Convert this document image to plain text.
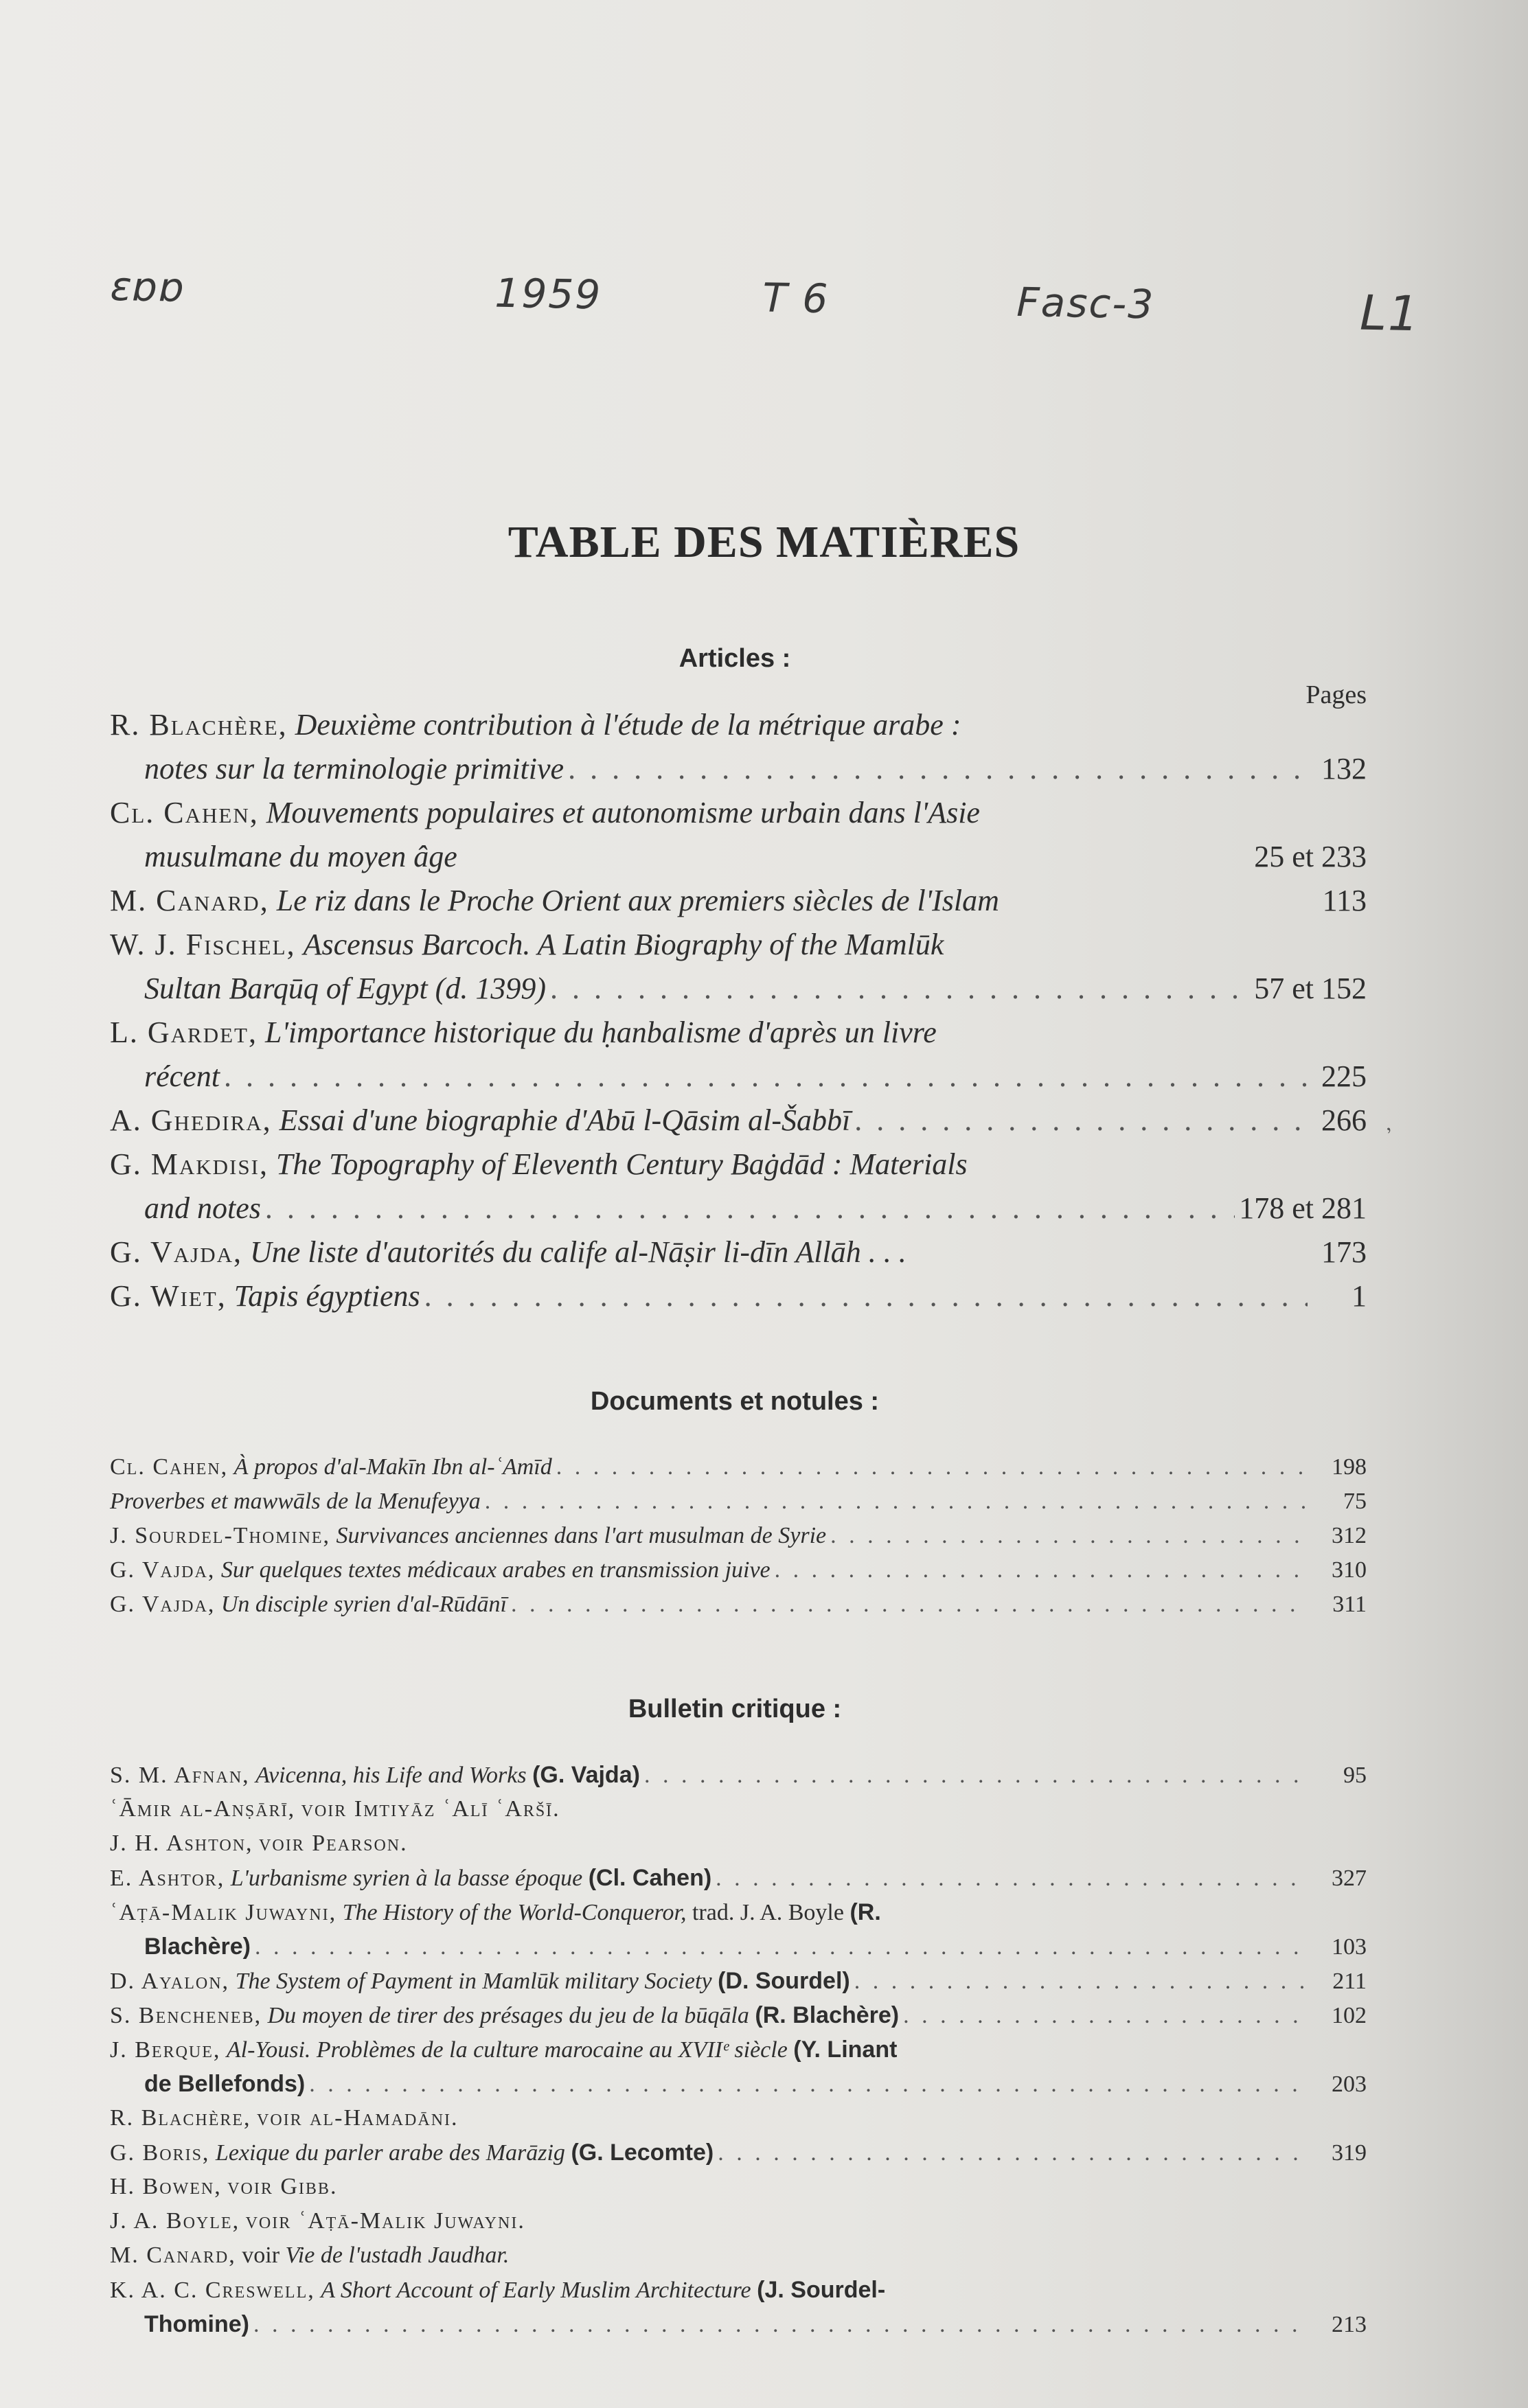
ɛɒɒ	1959	T 6	Fasc-3	L1
TABLE DES MATIÈRES
Articles :
Pages
R. Blachère,
Deuxième contribution à l'étude de la métrique arabe :
notes sur la terminologie primitive . . .	132
Cl. Cahen,
Mouvements populaires et autonomisme urbain dans l'Asie
musulmane du moyen âge	25 et 233
M. Canard,
Le riz dans le Proche Orient aux premiers siècles de l'Islam	113
W. J. Fischel,
Ascensus Barcoch. A Latin Biography of the Mamlūk
Sultan Barqūq of Egypt (d. 1399) . . .	57 et 152
L. Gardet,
L'importance historique du ḥanbalisme d'après un livre
récent . . .	225
A. Ghedira,
Essai d'une biographie d'Abū l-Qāsim al-Šabbī . . .	266 ʼ
G. Makdisi,
The Topography of Eleventh Century Baġdād : Materials
and notes . . .	178 et 281
G. Vajda,
Une liste d'autorités du calife al-Nāṣir li-dīn Allāh . . .	173
G. Wiet,
Tapis égyptiens . . .	1
Documents et notules :
Cl. Cahen,
À propos d'al-Makīn Ibn al-ʿAmīd . . .	198
Proverbes et mawwāls de la Menufeyya . . .	75
J. Sourdel-Thomine,
Survivances anciennes dans l'art musulman de Syrie . . .	312
G. Vajda,
Sur quelques textes médicaux arabes en transmission juive . . .	310
G. Vajda,
Un disciple syrien d'al-Rūdānī . . .	311
Bulletin critique :
S. M. Afnan,
Avicenna, his Life and Works
(G. Vajda) . . .	95
ʿĀmir al-Anṣārī,
voir Imtiyāz ʿAlī ʿAršī.
J. H. Ashton,
voir Pearson.
E. Ashtor,
L'urbanisme syrien à la basse époque
(Cl. Cahen) . . .	327
ʿAṭā-Malik Juwayni,
The History of the World-Conqueror,
trad. J. A. Boyle
(R.
Blachère) . . .	103
D. Ayalon,
The System of Payment in Mamlūk military Society
(D. Sourdel) . . .	211
S. Bencheneb,
Du moyen de tirer des présages du jeu de la būqāla
(R. Blachère) . . .	102
J. Berque,
Al-Yousi. Problèmes de la culture marocaine au XVIIᵉ siècle
(Y. Linant
de Bellefonds) . . .	203
R. Blachère,
voir al-Hamadāni.
G. Boris,
Lexique du parler arabe des Marāzig
(G. Lecomte) . . .	319
H. Bowen,
voir Gibb.
J. A. Boyle,
voir ʿAṭā-Malik Juwayni.
M. Canard,
voir
Vie de l'ustadh Jaudhar.
K. A. C. Creswell,
A Short Account of Early Muslim Architecture
(J. Sourdel-
Thomine) . . .	213
